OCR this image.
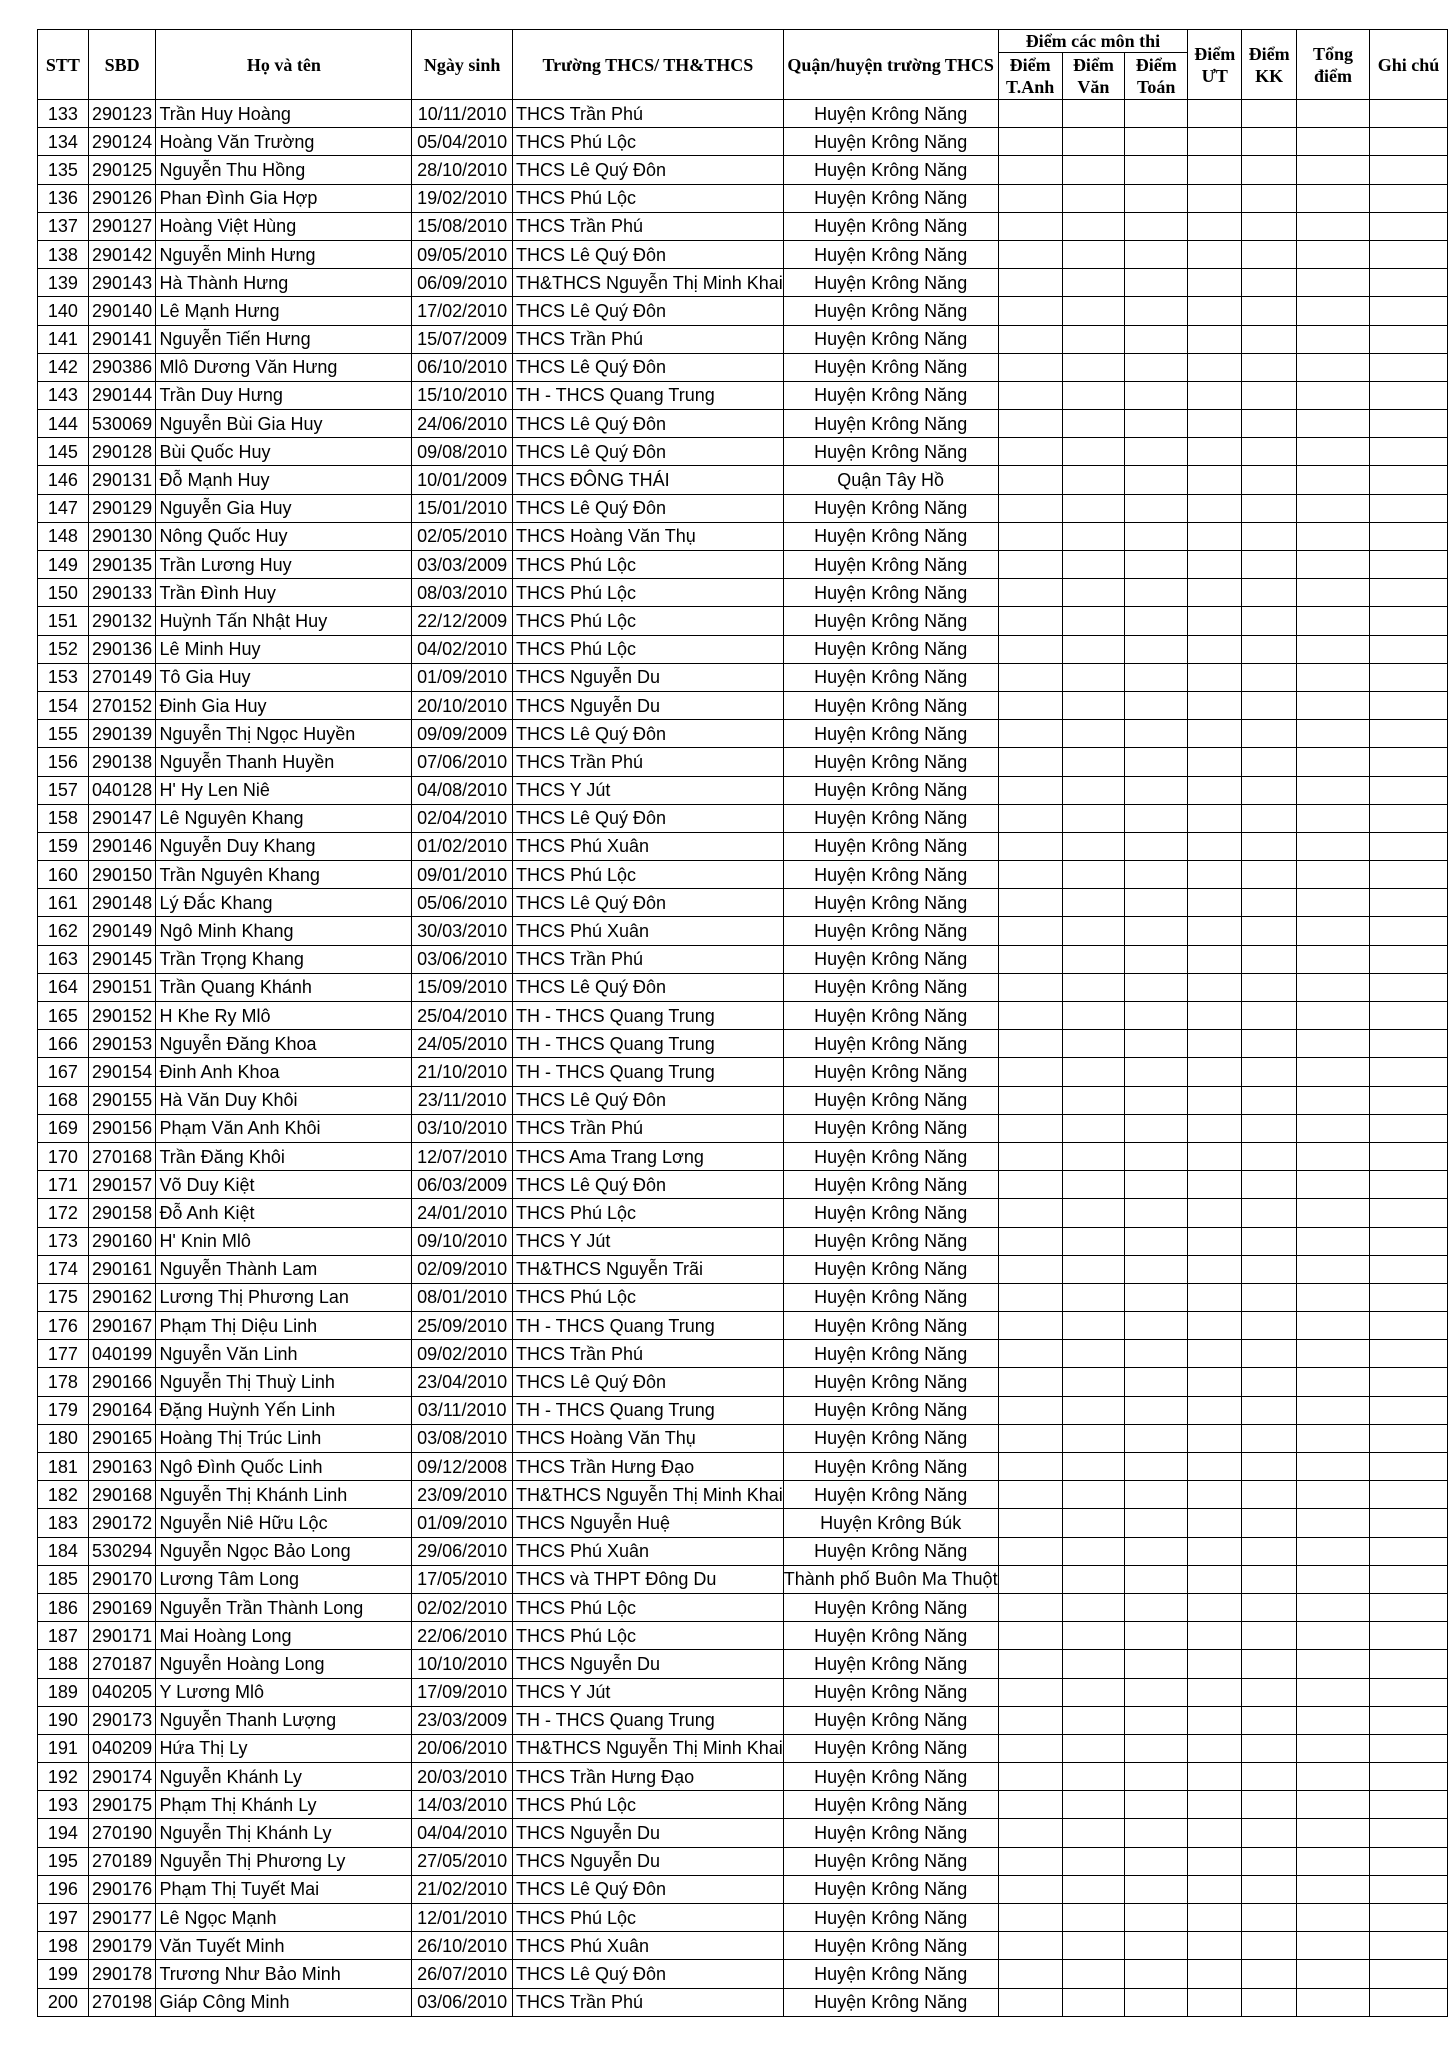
STT	SBD	Họ và tên	Ngày sinh	Trường THCS/ TH&THCS	Quận/huyện trường THCS	Điểm các môn thi			Điểm ƯT	Điểm KK	Tổng điểm	Ghi chú
						Điểm T.Anh	Điểm Văn	Điểm Toán				
133	290123	Trần Huy Hoàng	10/11/2010	THCS Trần Phú	Huyện Krông Năng							
134	290124	Hoàng Văn Trường	05/04/2010	THCS Phú Lộc	Huyện Krông Năng							
135	290125	Nguyễn Thu Hồng	28/10/2010	THCS Lê Quý Đôn	Huyện Krông Năng							
136	290126	Phan Đình Gia Hợp	19/02/2010	THCS Phú Lộc	Huyện Krông Năng							
137	290127	Hoàng Việt Hùng	15/08/2010	THCS Trần Phú	Huyện Krông Năng							
138	290142	Nguyễn Minh Hưng	09/05/2010	THCS Lê Quý Đôn	Huyện Krông Năng							
139	290143	Hà Thành Hưng	06/09/2010	TH&THCS Nguyễn Thị Minh Khai	Huyện Krông Năng							
140	290140	Lê Mạnh Hưng	17/02/2010	THCS Lê Quý Đôn	Huyện Krông Năng							
141	290141	Nguyễn Tiến Hưng	15/07/2009	THCS Trần Phú	Huyện Krông Năng							
142	290386	Mlô Dương Văn Hưng	06/10/2010	THCS Lê Quý Đôn	Huyện Krông Năng							
143	290144	Trần Duy Hưng	15/10/2010	TH - THCS Quang Trung	Huyện Krông Năng							
144	530069	Nguyễn Bùi Gia Huy	24/06/2010	THCS Lê Quý Đôn	Huyện Krông Năng							
145	290128	Bùi Quốc Huy	09/08/2010	THCS Lê Quý Đôn	Huyện Krông Năng							
146	290131	Đỗ Mạnh Huy	10/01/2009	THCS ĐÔNG THÁI	Quận Tây Hồ							
147	290129	Nguyễn Gia Huy	15/01/2010	THCS Lê Quý Đôn	Huyện Krông Năng							
148	290130	Nông Quốc Huy	02/05/2010	THCS Hoàng Văn Thụ	Huyện Krông Năng							
149	290135	Trần Lương Huy	03/03/2009	THCS Phú Lộc	Huyện Krông Năng							
150	290133	Trần Đình Huy	08/03/2010	THCS Phú Lộc	Huyện Krông Năng							
151	290132	Huỳnh Tấn Nhật Huy	22/12/2009	THCS Phú Lộc	Huyện Krông Năng							
152	290136	Lê Minh Huy	04/02/2010	THCS Phú Lộc	Huyện Krông Năng							
153	270149	Tô Gia Huy	01/09/2010	THCS Nguyễn Du	Huyện Krông Năng							
154	270152	Đinh Gia Huy	20/10/2010	THCS Nguyễn Du	Huyện Krông Năng							
155	290139	Nguyễn Thị Ngọc Huyền	09/09/2009	THCS Lê Quý Đôn	Huyện Krông Năng							
156	290138	Nguyễn Thanh Huyền	07/06/2010	THCS Trần Phú	Huyện Krông Năng							
157	040128	H' Hy Len Niê	04/08/2010	THCS Y Jút	Huyện Krông Năng							
158	290147	Lê Nguyên Khang	02/04/2010	THCS Lê Quý Đôn	Huyện Krông Năng							
159	290146	Nguyễn Duy Khang	01/02/2010	THCS Phú Xuân	Huyện Krông Năng							
160	290150	Trần Nguyên Khang	09/01/2010	THCS Phú Lộc	Huyện Krông Năng							
161	290148	Lý Đắc Khang	05/06/2010	THCS Lê Quý Đôn	Huyện Krông Năng							
162	290149	Ngô Minh Khang	30/03/2010	THCS Phú Xuân	Huyện Krông Năng							
163	290145	Trần Trọng Khang	03/06/2010	THCS Trần Phú	Huyện Krông Năng							
164	290151	Trần Quang Khánh	15/09/2010	THCS Lê Quý Đôn	Huyện Krông Năng							
165	290152	H Khe Ry Mlô	25/04/2010	TH - THCS Quang Trung	Huyện Krông Năng							
166	290153	Nguyễn Đăng Khoa	24/05/2010	TH - THCS Quang Trung	Huyện Krông Năng							
167	290154	Đinh Anh Khoa	21/10/2010	TH - THCS Quang Trung	Huyện Krông Năng							
168	290155	Hà Văn Duy Khôi	23/11/2010	THCS Lê Quý Đôn	Huyện Krông Năng							
169	290156	Phạm Văn Anh Khôi	03/10/2010	THCS Trần Phú	Huyện Krông Năng							
170	270168	Trần Đăng Khôi	12/07/2010	THCS Ama Trang Lơng	Huyện Krông Năng							
171	290157	Võ Duy Kiệt	06/03/2009	THCS Lê Quý Đôn	Huyện Krông Năng							
172	290158	Đỗ Anh Kiệt	24/01/2010	THCS Phú Lộc	Huyện Krông Năng							
173	290160	H' Knin Mlô	09/10/2010	THCS Y Jút	Huyện Krông Năng							
174	290161	Nguyễn Thành Lam	02/09/2010	TH&THCS Nguyễn Trãi	Huyện Krông Năng							
175	290162	Lương Thị Phương Lan	08/01/2010	THCS Phú Lộc	Huyện Krông Năng							
176	290167	Phạm Thị Diệu Linh	25/09/2010	TH - THCS Quang Trung	Huyện Krông Năng							
177	040199	Nguyễn Văn Linh	09/02/2010	THCS Trần Phú	Huyện Krông Năng							
178	290166	Nguyễn Thị Thuỳ Linh	23/04/2010	THCS Lê Quý Đôn	Huyện Krông Năng							
179	290164	Đặng Huỳnh Yến Linh	03/11/2010	TH - THCS Quang Trung	Huyện Krông Năng							
180	290165	Hoàng Thị Trúc Linh	03/08/2010	THCS Hoàng Văn Thụ	Huyện Krông Năng							
181	290163	Ngô Đình Quốc Linh	09/12/2008	THCS Trần Hưng Đạo	Huyện Krông Năng							
182	290168	Nguyễn Thị Khánh Linh	23/09/2010	TH&THCS Nguyễn Thị Minh Khai	Huyện Krông Năng							
183	290172	Nguyễn Niê Hữu Lộc	01/09/2010	THCS Nguyễn Huệ	Huyện Krông Búk							
184	530294	Nguyễn Ngọc Bảo Long	29/06/2010	THCS Phú Xuân	Huyện Krông Năng							
185	290170	Lương Tâm Long	17/05/2010	THCS và THPT Đông Du	Thành phố Buôn Ma Thuột							
186	290169	Nguyễn Trần Thành Long	02/02/2010	THCS Phú Lộc	Huyện Krông Năng							
187	290171	Mai Hoàng Long	22/06/2010	THCS Phú Lộc	Huyện Krông Năng							
188	270187	Nguyễn Hoàng Long	10/10/2010	THCS Nguyễn Du	Huyện Krông Năng							
189	040205	Y Lương Mlô	17/09/2010	THCS Y Jút	Huyện Krông Năng							
190	290173	Nguyễn Thanh Lượng	23/03/2009	TH - THCS Quang Trung	Huyện Krông Năng							
191	040209	Hứa Thị Ly	20/06/2010	TH&THCS Nguyễn Thị Minh Khai	Huyện Krông Năng							
192	290174	Nguyễn Khánh Ly	20/03/2010	THCS Trần Hưng Đạo	Huyện Krông Năng							
193	290175	Phạm Thị Khánh Ly	14/03/2010	THCS Phú Lộc	Huyện Krông Năng							
194	270190	Nguyễn Thị Khánh Ly	04/04/2010	THCS Nguyễn Du	Huyện Krông Năng							
195	270189	Nguyễn Thị Phương Ly	27/05/2010	THCS Nguyễn Du	Huyện Krông Năng							
196	290176	Phạm Thị Tuyết Mai	21/02/2010	THCS Lê Quý Đôn	Huyện Krông Năng							
197	290177	Lê Ngọc Mạnh	12/01/2010	THCS Phú Lộc	Huyện Krông Năng							
198	290179	Văn Tuyết Minh	26/10/2010	THCS Phú Xuân	Huyện Krông Năng							
199	290178	Trương Như Bảo Minh	26/07/2010	THCS Lê Quý Đôn	Huyện Krông Năng							
200	270198	Giáp Công Minh	03/06/2010	THCS Trần Phú	Huyện Krông Năng							
